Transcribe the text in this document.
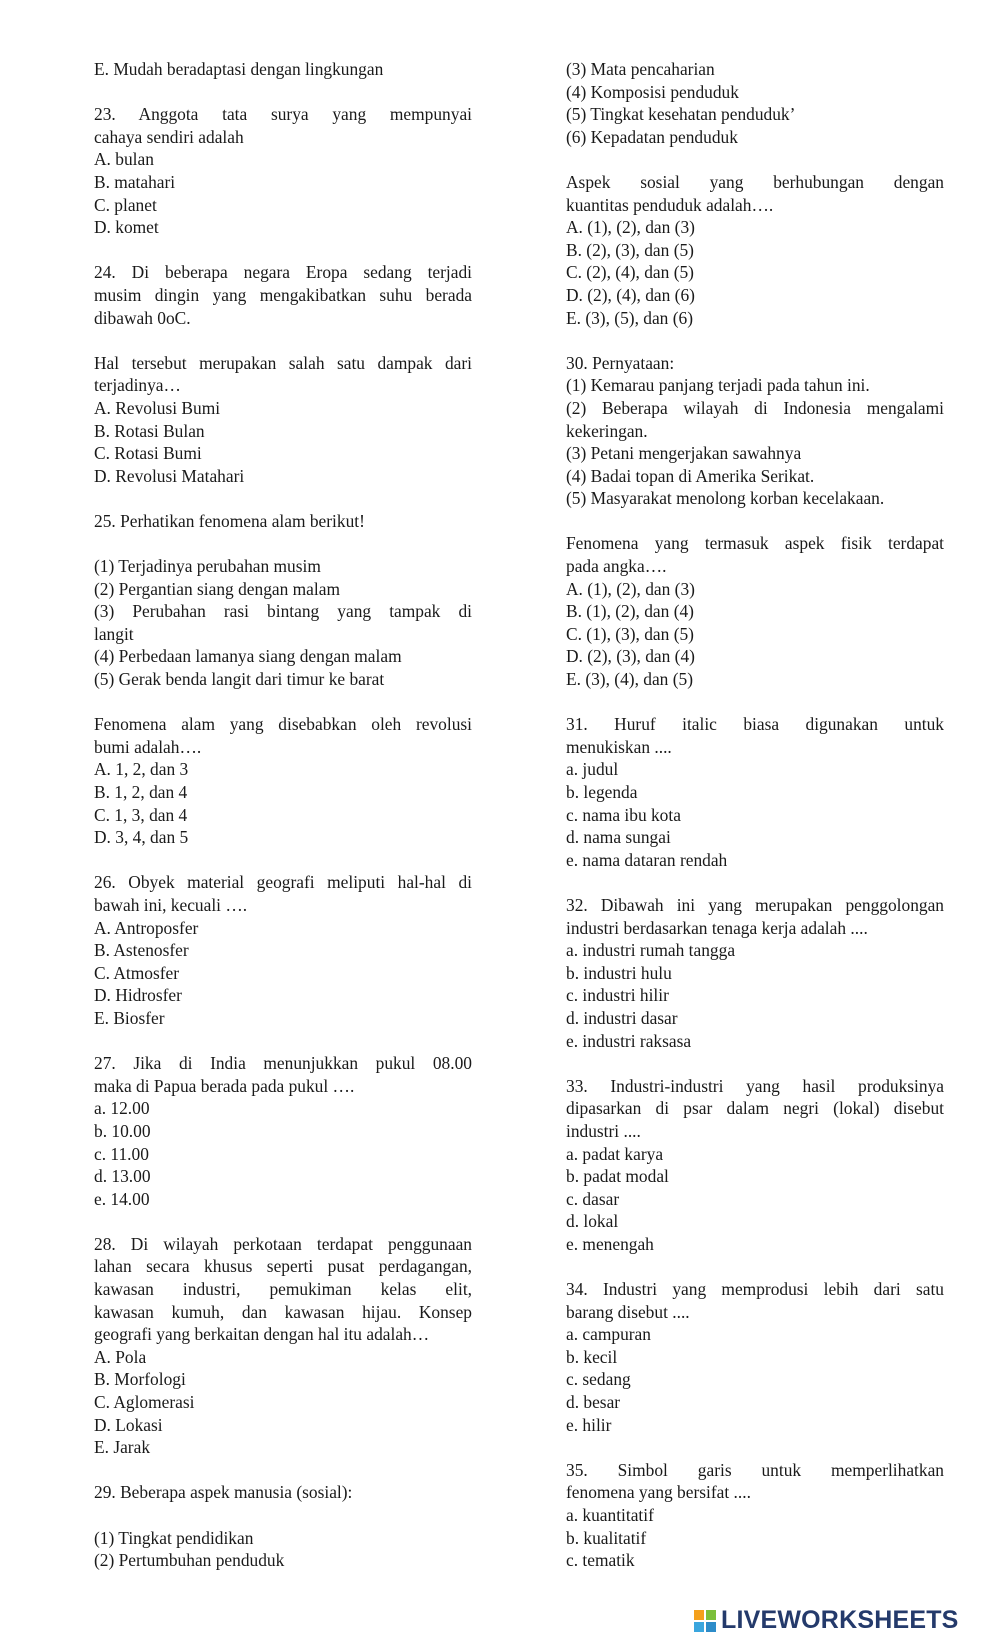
E. Mudah beradaptasi dengan lingkungan
23. Anggota tata surya yang mempunyai
cahaya sendiri adalah
A. bulan
B. matahari
C. planet
D. komet
24. Di beberapa negara Eropa sedang terjadi
musim dingin yang mengakibatkan suhu berada
dibawah 0oC.
Hal tersebut merupakan salah satu dampak dari
terjadinya…
A. Revolusi Bumi
B. Rotasi Bulan
C. Rotasi Bumi
D. Revolusi Matahari
25. Perhatikan fenomena alam berikut!
(1) Terjadinya perubahan musim
(2) Pergantian siang dengan malam
(3) Perubahan rasi bintang yang tampak di
langit
(4) Perbedaan lamanya siang dengan malam
(5) Gerak benda langit dari timur ke barat
Fenomena alam yang disebabkan oleh revolusi
bumi adalah….
A. 1, 2, dan 3
B. 1, 2, dan 4
C. 1, 3, dan 4
D. 3, 4, dan 5
26. Obyek material geografi meliputi hal-hal di
bawah ini, kecuali ….
A. Antroposfer
B. Astenosfer
C. Atmosfer
D. Hidrosfer
E. Biosfer
27. Jika di India menunjukkan pukul 08.00
maka di Papua berada pada pukul ….
a. 12.00
b. 10.00
c. 11.00
d. 13.00
e. 14.00
28. Di wilayah perkotaan terdapat penggunaan
lahan secara khusus seperti pusat perdagangan,
kawasan industri, pemukiman kelas elit,
kawasan kumuh, dan kawasan hijau. Konsep
geografi yang berkaitan dengan hal itu adalah…
A. Pola
B. Morfologi
C. Aglomerasi
D. Lokasi
E. Jarak
29. Beberapa aspek manusia (sosial):
(1) Tingkat pendidikan
(2) Pertumbuhan penduduk
(3) Mata pencaharian
(4) Komposisi penduduk
(5) Tingkat kesehatan penduduk’
(6) Kepadatan penduduk
Aspek sosial yang berhubungan dengan
kuantitas penduduk adalah….
A. (1), (2), dan (3)
B. (2), (3), dan (5)
C. (2), (4), dan (5)
D. (2), (4), dan (6)
E. (3), (5), dan (6)
30. Pernyataan:
(1) Kemarau panjang terjadi pada tahun ini.
(2) Beberapa wilayah di Indonesia mengalami
kekeringan.
(3) Petani mengerjakan sawahnya
(4) Badai topan di Amerika Serikat.
(5) Masyarakat menolong korban kecelakaan.
Fenomena yang termasuk aspek fisik terdapat
pada angka….
A. (1), (2), dan (3)
B. (1), (2), dan (4)
C. (1), (3), dan (5)
D. (2), (3), dan (4)
E. (3), (4), dan (5)
31. Huruf italic biasa digunakan untuk
menukiskan ....
a. judul
b. legenda
c. nama ibu kota
d. nama sungai
e. nama dataran rendah
32. Dibawah ini yang merupakan penggolongan
industri berdasarkan tenaga kerja adalah ....
a. industri rumah tangga
b. industri hulu
c. industri hilir
d. industri dasar
e. industri raksasa
33. Industri-industri yang hasil produksinya
dipasarkan di psar dalam negri (lokal) disebut
industri ....
a. padat karya
b. padat modal
c. dasar
d. lokal
e. menengah
34. Industri yang memprodusi lebih dari satu
barang disebut ....
a. campuran
b. kecil
c. sedang
d. besar
e. hilir
35. Simbol garis untuk memperlihatkan
fenomena yang bersifat ....
a. kuantitatif
b. kualitatif
c. tematik
LIVEWORKSHEETS
